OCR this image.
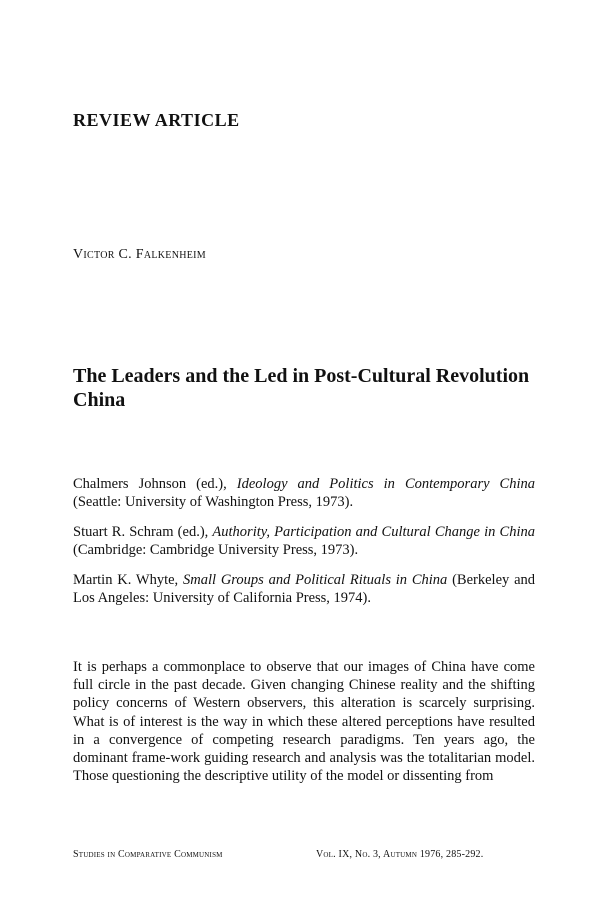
REVIEW ARTICLE
Victor C. Falkenheim
The Leaders and the Led in Post-Cultural Revolution China

Chalmers Johnson (ed.), Ideology and Politics in Contemporary China (Seattle: University of Washington Press, 1973).

Stuart R. Schram (ed.), Authority, Participation and Cultural Change in China (Cambridge: Cambridge University Press, 1973).

Martin K. Whyte, Small Groups and Political Rituals in China (Berkeley and Los Angeles: University of California Press, 1974).

It is perhaps a commonplace to observe that our images of China have come full circle in the past decade. Given changing Chinese reality and the shifting policy concerns of Western observers, this alteration is scarcely surprising. What is of interest is the way in which these altered perceptions have resulted in a convergence of competing research paradigms. Ten years ago, the dominant frame-work guiding research and analysis was the totalitarian model. Those questioning the descriptive utility of the model or dissenting from
Studies in Comparative Communism	Vol. IX, No. 3, Autumn 1976, 285-292.
